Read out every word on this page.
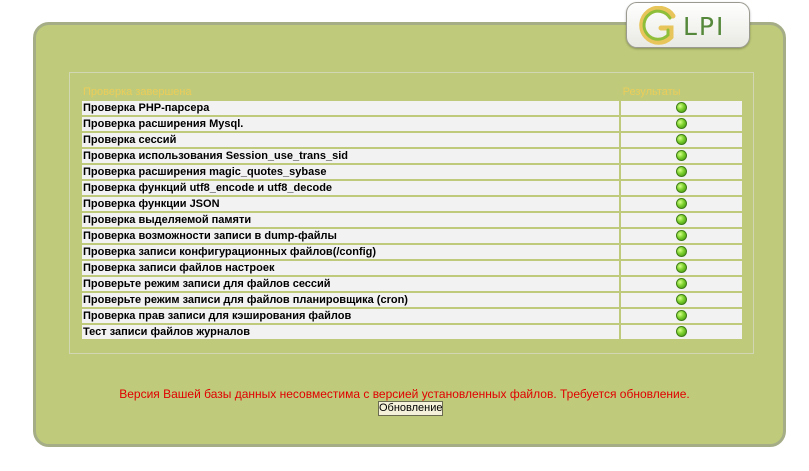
LPI
Проверка завершена	Результаты
Проверка PHP-парсера	
Проверка расширения Mysql.	
Проверка сессий	
Проверка использования Session_use_trans_sid	
Проверка расширения magic_quotes_sybase	
Проверка функций utf8_encode и utf8_decode	
Проверка функции JSON	
Проверка выделяемой памяти	
Проверка возможности записи в dump-файлы	
Проверка записи конфигурационных файлов(/config)	
Проверка записи файлов настроек	
Проверьте режим записи для файлов сессий	
Проверьте режим записи для файлов планировщика (cron)	
Проверка прав записи для кэширования файлов	
Тест записи файлов журналов	
Версия Вашей базы данных несовместима с версией установленных файлов. Требуется обновление.
Обновление
